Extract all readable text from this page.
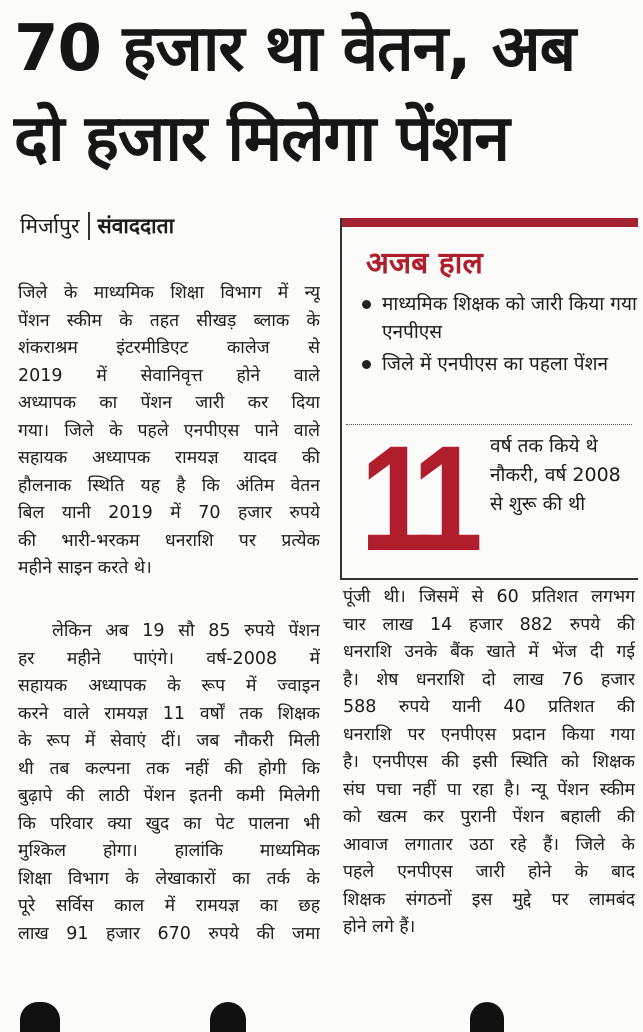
70 हजार था वेतन, अब
दो हजार मिलेगा पेंशन
मिर्जापुर संवाददाता
जिले के माध्यमिक शिक्षा विभाग में न्यू
पेंशन स्कीम के तहत सीखड़ ब्लाक के
शंकराश्रम इंटरमीडिएट कालेज से
2019 में सेवानिवृत्त होने वाले
अध्यापक का पेंशन जारी कर दिया
गया। जिले के पहले एनपीएस पाने वाले
सहायक अध्यापक रामयज्ञ यादव की
हौलनाक स्थिति यह है कि अंतिम वेतन
बिल यानी 2019 में 70 हजार रुपये
की भारी-भरकम धनराशि पर प्रत्येक
महीने साइन करते थे।
लेकिन अब 19 सौ 85 रुपये पेंशन
हर महीने पाएंगे। वर्ष-2008 में
सहायक अध्यापक के रूप में ज्वाइन
करने वाले रामयज्ञ 11 वर्षों तक शिक्षक
के रूप में सेवाएं दीं। जब नौकरी मिली
थी तब कल्पना तक नहीं की होगी कि
बुढ़ापे की लाठी पेंशन इतनी कमी मिलेगी
कि परिवार क्या खुद का पेट पालना भी
मुश्किल होगा। हालांकि माध्यमिक
शिक्षा विभाग के लेखाकारों का तर्क के
पूरे सर्विस काल में रामयज्ञ का छह
लाख 91 हजार 670 रुपये की जमा
अजब हाल
माध्यमिक शिक्षक को जारी किया गया एनपीएस
जिले में एनपीएस का पहला पेंशन
11 वर्ष तक किये थे नौकरी, वर्ष 2008 से शुरू की थी
पूंजी थी। जिसमें से 60 प्रतिशत लगभग
चार लाख 14 हजार 882 रुपये की
धनराशि उनके बैंक खाते में भेंज दी गई
है। शेष धनराशि दो लाख 76 हजार
588 रुपये यानी 40 प्रतिशत की
धनराशि पर एनपीएस प्रदान किया गया
है। एनपीएस की इसी स्थिति को शिक्षक
संघ पचा नहीं पा रहा है। न्यू पेंशन स्कीम
को खत्म कर पुरानी पेंशन बहाली की
आवाज लगातार उठा रहे हैं। जिले के
पहले एनपीएस जारी होने के बाद
शिक्षक संगठनों इस मुद्दे पर लामबंद
होने लगे हैं।
